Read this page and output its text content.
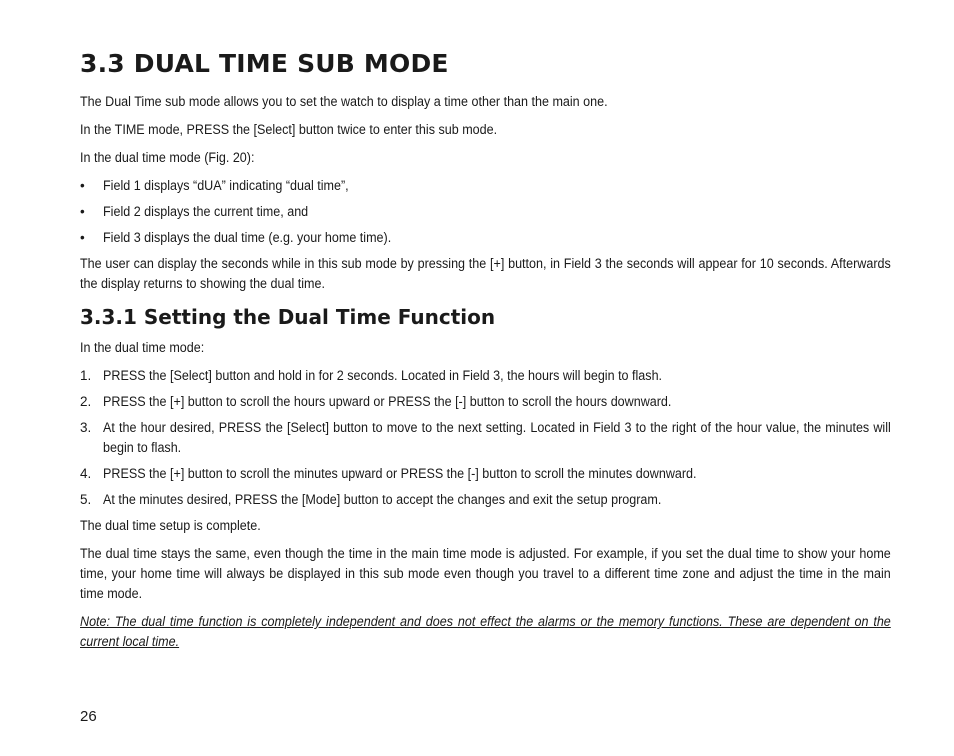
3.3 DUAL TIME SUB MODE

The Dual Time sub mode allows you to set the watch to display a time other than the main one.

In the TIME mode, PRESS the [Select] button twice to enter this sub mode.

In the dual time mode (Fig. 20):

• Field 1 displays “dUA” indicating “dual time”,
• Field 2 displays the current time, and
• Field 3 displays the dual time (e.g. your home time).

The user can display the seconds while in this sub mode by pressing the [+] button, in Field 3 the seconds will appear for 10 seconds. Afterwards the display returns to showing the dual time.

3.3.1 Setting the Dual Time Function

In the dual time mode:

1. PRESS the [Select] button and hold in for 2 seconds. Located in Field 3, the hours will begin to flash.
2. PRESS the [+] button to scroll the hours upward or PRESS the [-] button to scroll the hours downward.
3. At the hour desired, PRESS the [Select] button to move to the next setting. Located in Field 3 to the right of the hour value, the minutes will begin to flash.
4. PRESS the [+] button to scroll the minutes upward or PRESS the [-] button to scroll the minutes downward.
5. At the minutes desired, PRESS the [Mode] button to accept the changes and exit the setup program.

The dual time setup is complete.

The dual time stays the same, even though the time in the main time mode is adjusted. For example, if you set the dual time to show your home time, your home time will always be displayed in this sub mode even though you travel to a different time zone and adjust the time in the main time mode.

Note: The dual time function is completely independent and does not effect the alarms or the memory functions. These are dependent on the current local time.

26
